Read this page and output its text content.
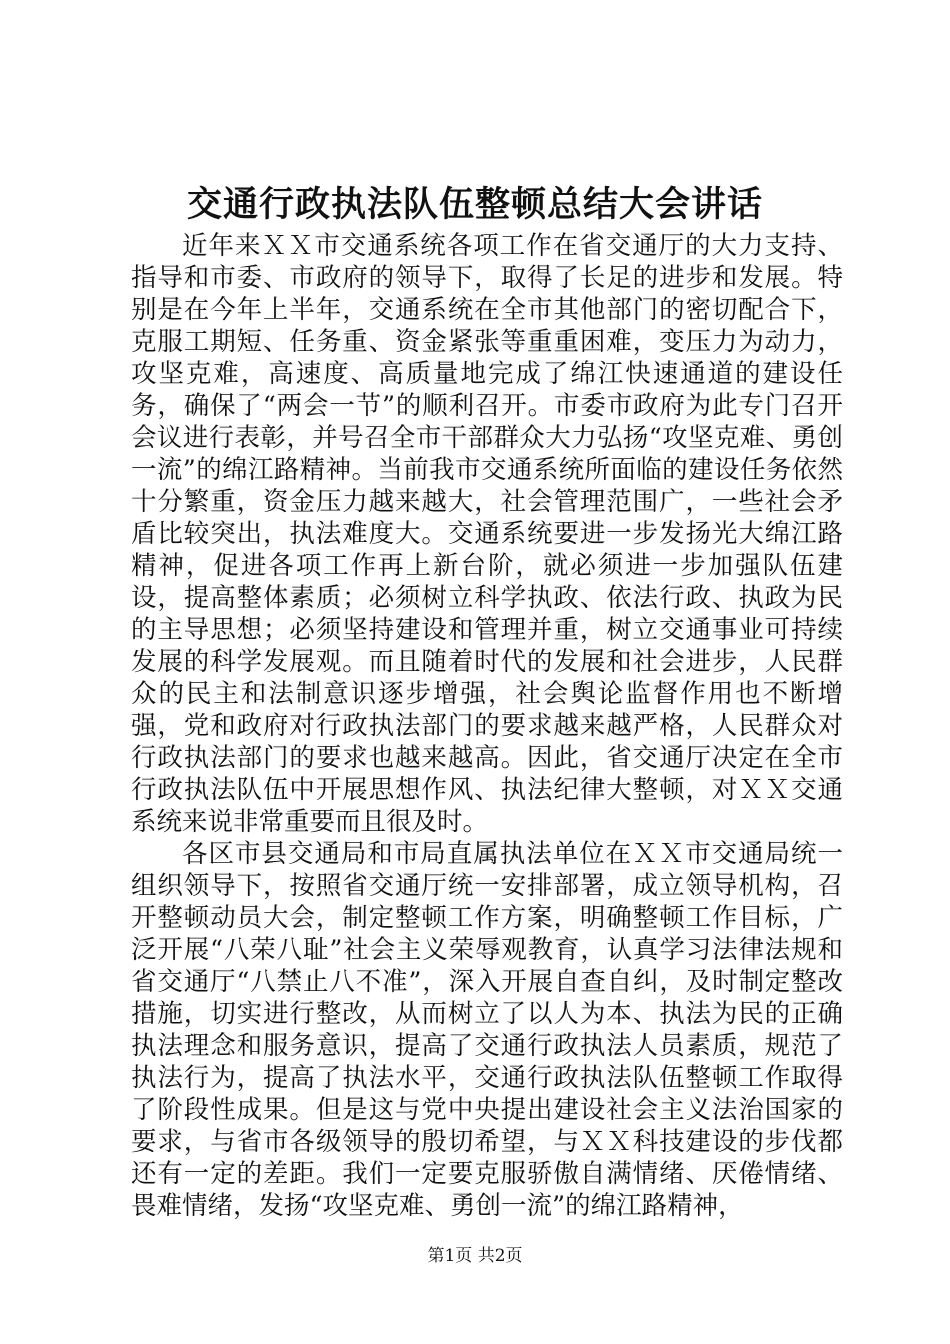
交通行政执法队伍整顿总结大会讲话

近年来ＸＸ市交通系统各项工作在省交通厅的大力支持、指导和市委、市政府的领导下，取得了长足的进步和发展。特别是在今年上半年，交通系统在全市其他部门的密切配合下，克服工期短、任务重、资金紧张等重重困难，变压力为动力，攻坚克难，高速度、高质量地完成了绵江快速通道的建设任务，确保了“两会一节”的顺利召开。市委市政府为此专门召开会议进行表彰，并号召全市干部群众大力弘扬“攻坚克难、勇创一流”的绵江路精神。当前我市交通系统所面临的建设任务依然十分繁重，资金压力越来越大，社会管理范围广，一些社会矛盾比较突出，执法难度大。交通系统要进一步发扬光大绵江路精神，促进各项工作再上新台阶，就必须进一步加强队伍建设，提高整体素质；必须树立科学执政、依法行政、执政为民的主导思想；必须坚持建设和管理并重，树立交通事业可持续发展的科学发展观。而且随着时代的发展和社会进步，人民群众的民主和法制意识逐步增强，社会舆论监督作用也不断增强，党和政府对行政执法部门的要求越来越严格，人民群众对行政执法部门的要求也越来越高。因此，省交通厅决定在全市行政执法队伍中开展思想作风、执法纪律大整顿，对ＸＸ交通系统来说非常重要而且很及时。

各区市县交通局和市局直属执法单位在ＸＸ市交通局统一组织领导下，按照省交通厅统一安排部署，成立领导机构，召开整顿动员大会，制定整顿工作方案，明确整顿工作目标，广泛开展“八荣八耻”社会主义荣辱观教育，认真学习法律法规和省交通厅“八禁止八不准”，深入开展自查自纠，及时制定整改措施，切实进行整改，从而树立了以人为本、执法为民的正确执法理念和服务意识，提高了交通行政执法人员素质，规范了执法行为，提高了执法水平，交通行政执法队伍整顿工作取得了阶段性成果。但是这与党中央提出建设社会主义法治国家的要求，与省市各级领导的殷切希望，与ＸＸ科技建设的步伐都还有一定的差距。我们一定要克服骄傲自满情绪、厌倦情绪、畏难情绪，发扬“攻坚克难、勇创一流”的绵江路精神，

第1页 共2页
